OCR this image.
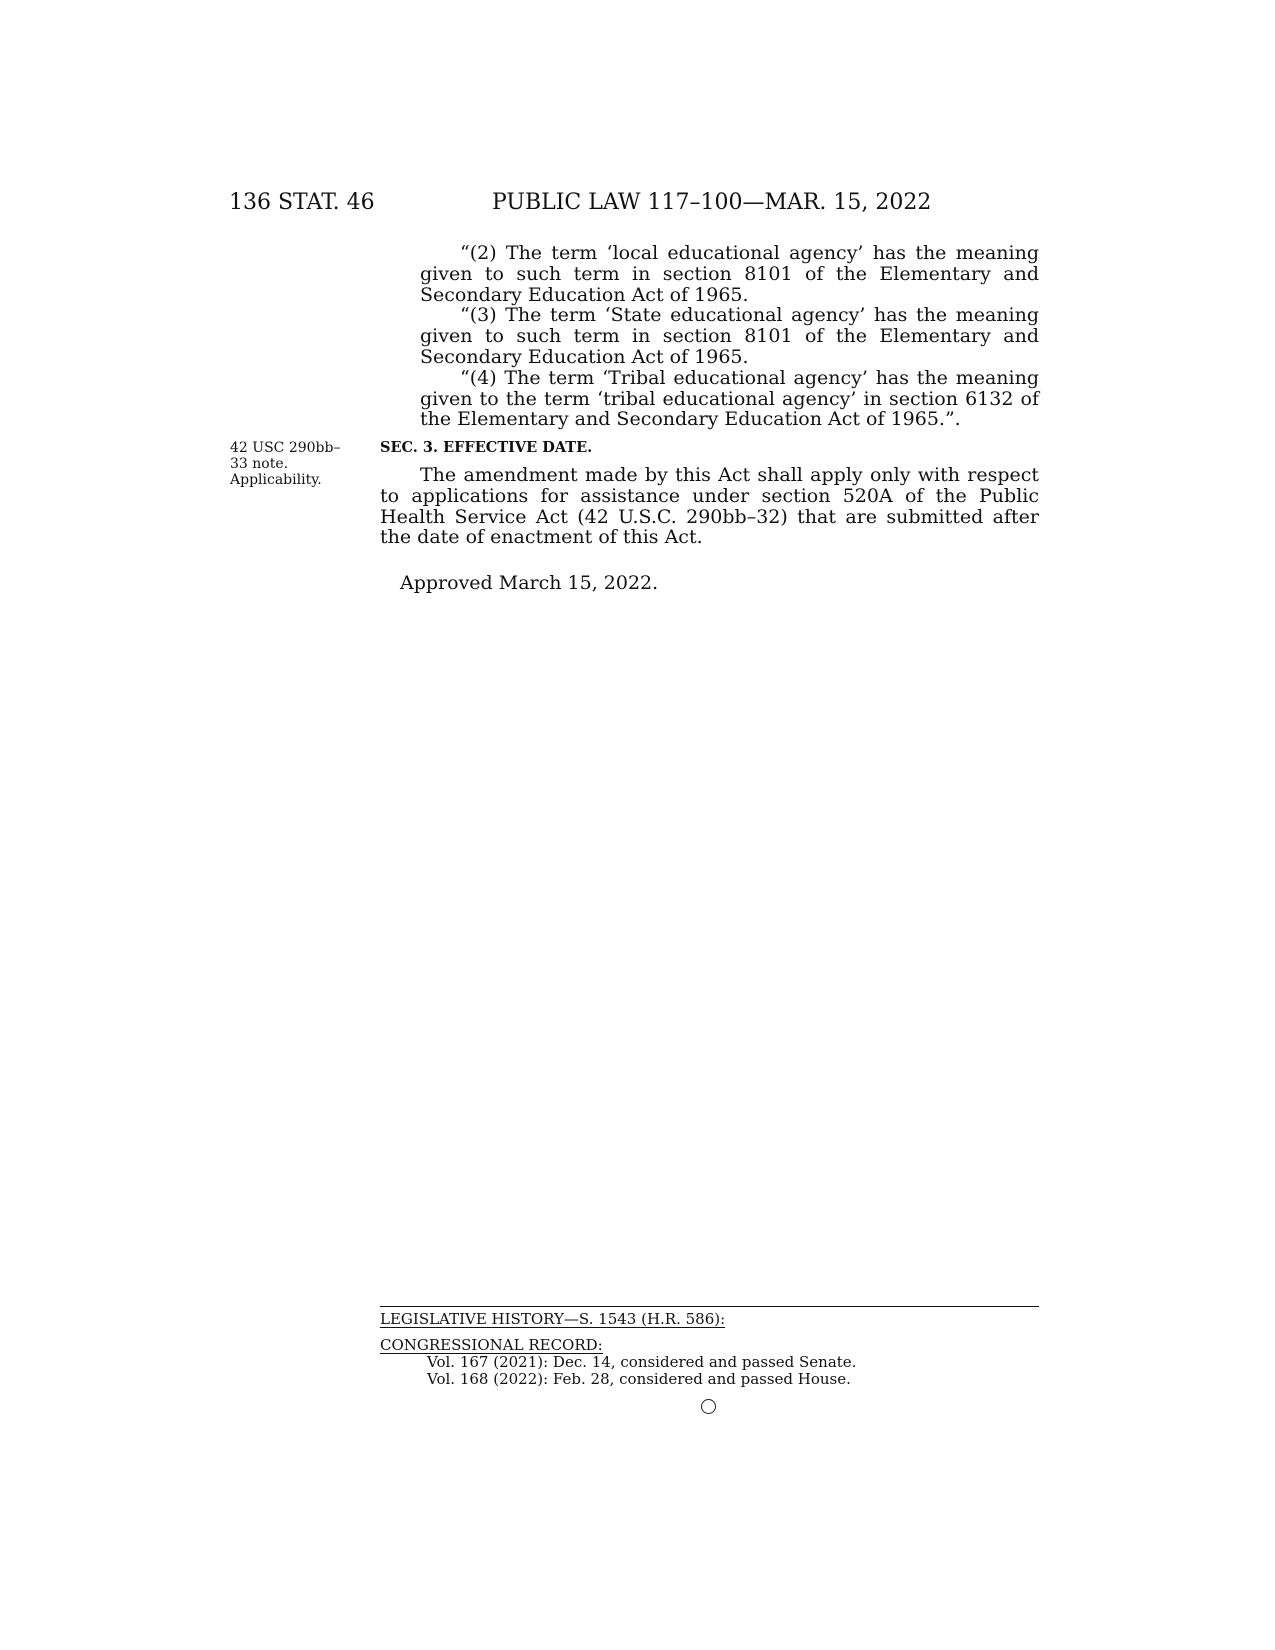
136 STAT. 46	PUBLIC LAW 117–100—MAR. 15, 2022

“(2) The term ‘local educational agency’ has the meaning given to such term in section 8101 of the Elementary and Secondary Education Act of 1965.

“(3) The term ‘State educational agency’ has the meaning given to such term in section 8101 of the Elementary and Secondary Education Act of 1965.

“(4) The term ‘Tribal educational agency’ has the meaning given to the term ‘tribal educational agency’ in section 6132 of the Elementary and Secondary Education Act of 1965.”.

42 USC 290bb–
33 note.
Applicability.
SEC. 3. EFFECTIVE DATE.

The amendment made by this Act shall apply only with respect to applications for assistance under section 520A of the Public Health Service Act (42 U.S.C. 290bb–32) that are submitted after the date of enactment of this Act.

Approved March 15, 2022.
LEGISLATIVE HISTORY—S. 1543 (H.R. 586):
CONGRESSIONAL RECORD:
Vol. 167 (2021): Dec. 14, considered and passed Senate.
Vol. 168 (2022): Feb. 28, considered and passed House.
